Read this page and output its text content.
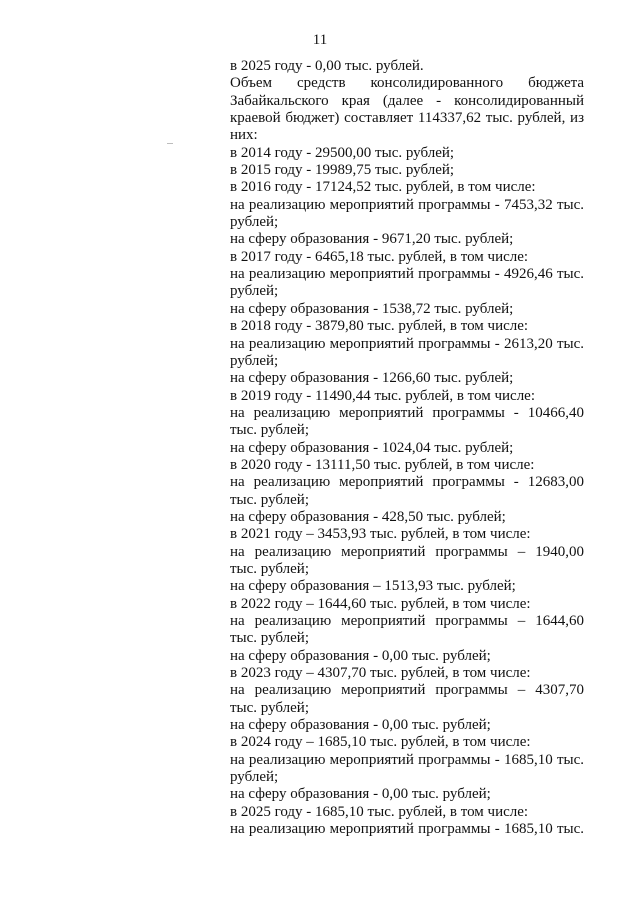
11
в 2025 году - 0,00 тыс. рублей.
Объем средств консолидированного бюджета
Забайкальского края (далее - консолидированный
краевой бюджет) составляет 114337,62 тыс. рублей, из
них:
в 2014 году - 29500,00 тыс. рублей;
в 2015 году - 19989,75 тыс. рублей;
в 2016 году - 17124,52 тыс. рублей, в том числе:
на реализацию мероприятий программы - 7453,32 тыс.
рублей;
на сферу образования - 9671,20 тыс. рублей;
в 2017 году - 6465,18 тыс. рублей, в том числе:
на реализацию мероприятий программы - 4926,46 тыс.
рублей;
на сферу образования - 1538,72 тыс. рублей;
в 2018 году - 3879,80 тыс. рублей, в том числе:
на реализацию мероприятий программы - 2613,20 тыс.
рублей;
на сферу образования - 1266,60 тыс. рублей;
в 2019 году - 11490,44 тыс. рублей, в том числе:
на реализацию мероприятий программы - 10466,40
тыс. рублей;
на сферу образования - 1024,04 тыс. рублей;
в 2020 году - 13111,50 тыс. рублей, в том числе:
на реализацию мероприятий программы - 12683,00
тыс. рублей;
на сферу образования - 428,50 тыс. рублей;
в 2021 году – 3453,93 тыс. рублей, в том числе:
на реализацию мероприятий программы – 1940,00
тыс. рублей;
на сферу образования – 1513,93 тыс. рублей;
в 2022 году – 1644,60 тыс. рублей, в том числе:
на реализацию мероприятий программы – 1644,60
тыс. рублей;
на сферу образования - 0,00 тыс. рублей;
в 2023 году – 4307,70 тыс. рублей, в том числе:
на реализацию мероприятий программы – 4307,70
тыс. рублей;
на сферу образования - 0,00 тыс. рублей;
в 2024 году – 1685,10 тыс. рублей, в том числе:
на реализацию мероприятий программы - 1685,10 тыс.
рублей;
на сферу образования - 0,00 тыс. рублей;
в 2025 году - 1685,10 тыс. рублей, в том числе:
на реализацию мероприятий программы - 1685,10 тыс.
